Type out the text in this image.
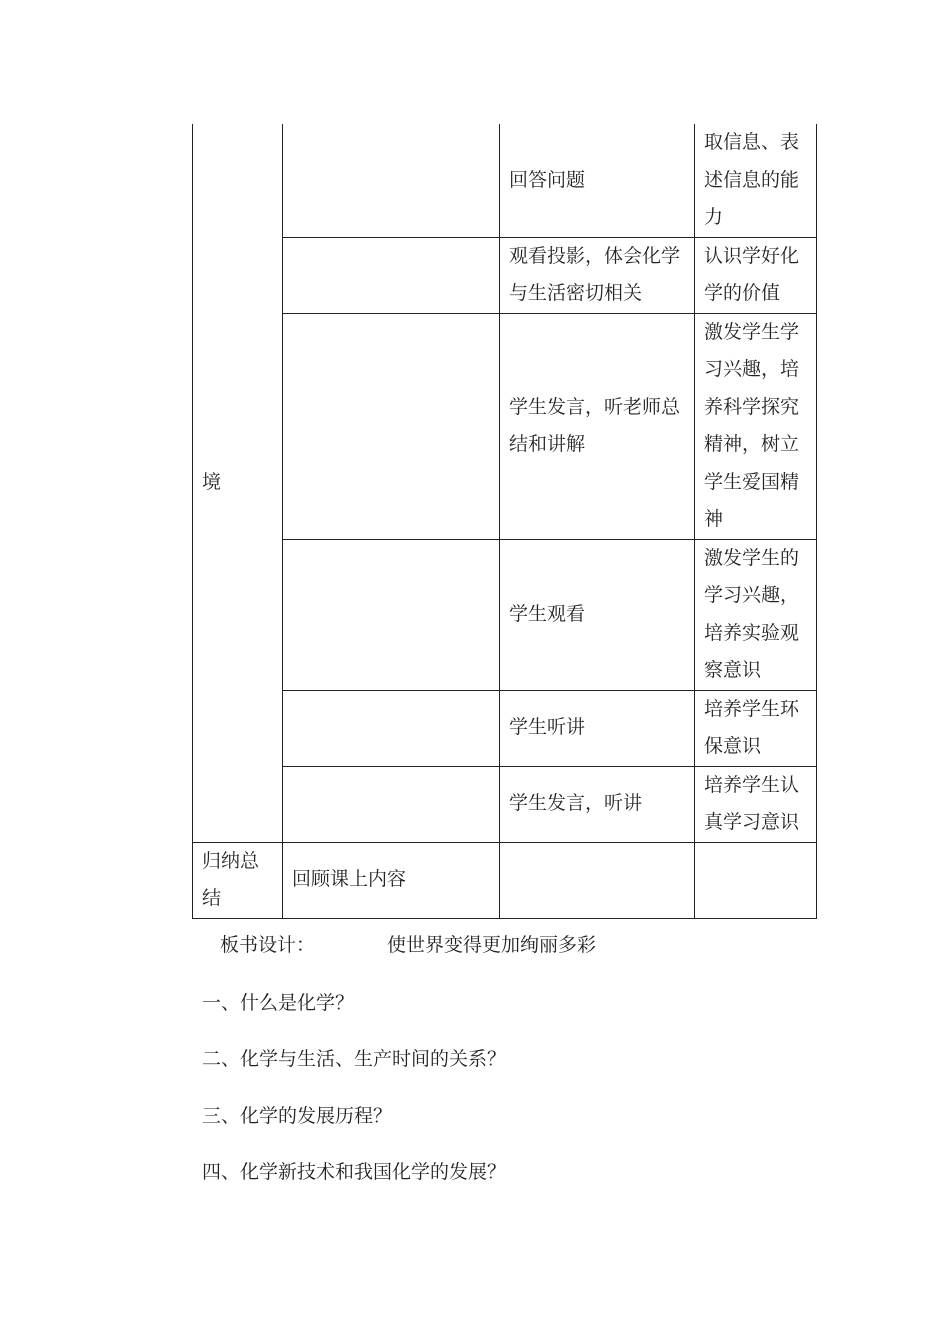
境		回答问题	取信息、表述信息的能力
		观看投影，体会化学与生活密切相关	认识学好化学的价值
		学生发言，听老师总结和讲解	激发学生学习兴趣，培养科学探究精神，树立学生爱国精神
		学生观看	激发学生的学习兴趣，培养实验观察意识
		学生听讲	培养学生环保意识
		学生发言，听讲	培养学生认真学习意识
归纳总结	回顾课上内容		
板书设计：	使世界变得更加绚丽多彩
一、什么是化学？
二、化学与生活、生产时间的关系？
三、化学的发展历程？
四、化学新技术和我国化学的发展？
